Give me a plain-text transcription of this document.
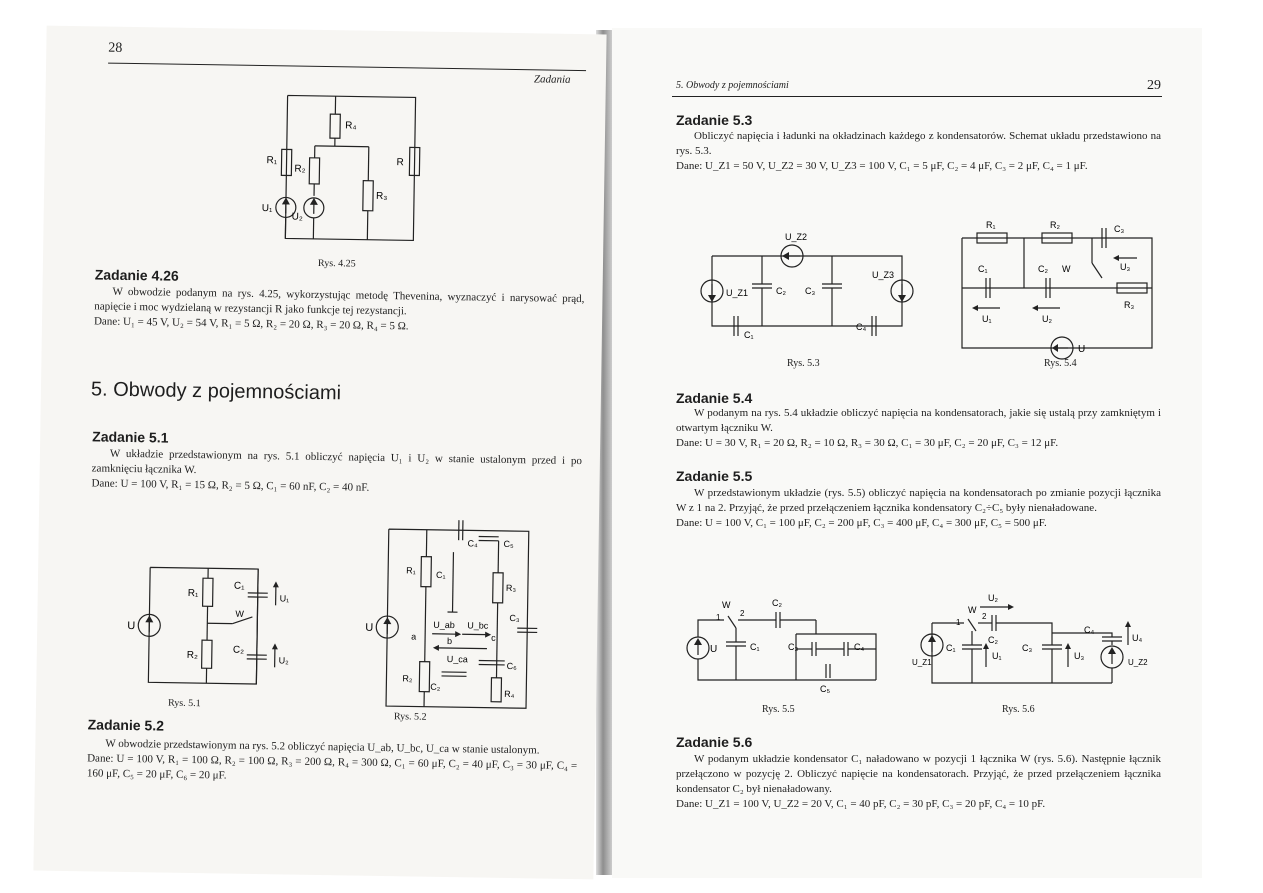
28
Zadania
R₄
R₁
R₂
R
R₃
U₁
U₂
Rys. 4.25
Zadanie 4.26

W obwodzie podanym na rys. 4.25, wykorzystując metodę Thevenina, wyznaczyć i narysować prąd, napięcie i moc wydzielaną w rezystancji R jako funkcje tej rezystancji.

Dane: U₁ = 45 V, U₂ = 54 V, R₁ = 5 Ω, R₂ = 20 Ω, R₃ = 20 Ω, R₄ = 5 Ω.

5. Obwody z pojemnościami
Zadanie 5.1

W układzie przedstawionym na rys. 5.1 obliczyć napięcia U₁ i U₂ w stanie ustalonym przed i po zamknięciu łącznika W.

Dane: U = 100 V, R₁ = 15 Ω, R₂ = 5 Ω, C₁ = 60 nF, C₂ = 40 nF.

R₁
C₁
U₁
U
W
R₂	C₂
U₂
Rys. 5.1
C₄	C₅
R₁ C₁
R₃
U
a
U_ab U_bc
b	c
C₃
U_ca
C₆
R₂
C₂
R₄
Rys. 5.2
Zadanie 5.2

W obwodzie przedstawionym na rys. 5.2 obliczyć napięcia U_ab, U_bc, U_ca w stanie ustalonym.

Dane: U = 100 V, R₁ = 100 Ω, R₂ = 100 Ω, R₃ = 200 Ω, R₄ = 300 Ω, C₁ = 60 μF, C₂ = 40 μF, C₃ = 30 μF, C₄ = 160 μF, C₅ = 20 μF, C₆ = 20 μF.

5. Obwody z pojemnościami	29
Zadanie 5.3

Obliczyć napięcia i ładunki na okładzinach każdego z kondensatorów. Schemat układu przedstawiono na rys. 5.3.

Dane: U_Z1 = 50 V, U_Z2 = 30 V, U_Z3 = 100 V, C₁ = 5 μF, C₂ = 4 μF, C₃ = 2 μF, C₄ = 1 μF.

U_Z2
U_Z1	C₂ C₃
U_Z3
C₁
C₄
Rys. 5.3
R₁	R₂	C₃
C₁	C₂ W	U₃
R₃
U₁	U₂
U
Rys. 5.4
Zadanie 5.4

W podanym na rys. 5.4 układzie obliczyć napięcia na kondensatorach, jakie się ustalą przy zamkniętym i otwartym łączniku W.

Dane: U = 30 V, R₁ = 20 Ω, R₂ = 10 Ω, R₃ = 30 Ω, C₁ = 30 μF, C₂ = 20 μF, C₃ = 12 μF.

Zadanie 5.5

W przedstawionym układzie (rys. 5.5) obliczyć napięcia na kondensatorach po zmianie pozycji łącznika W z 1 na 2. Przyjąć, że przed przełączeniem łącznika kondensatory C₂÷C₅ były nienaładowane.

Dane: U = 100 V, C₁ = 100 μF, C₂ = 200 μF, C₃ = 400 μF, C₄ = 300 μF, C₅ = 500 μF.

W
1 2
C₂
U	C₁	C₃	C₄
C₅
Rys. 5.5
U₂
W
1
2
C₂
U_Z1
C₁
U₁
C₃
U₃
C₄
U₄
U_Z2
Rys. 5.6
Zadanie 5.6

W podanym układzie kondensator C₁ naładowano w pozycji 1 łącznika W (rys. 5.6). Następnie łącznik przełączono w pozycję 2. Obliczyć napięcie na kondensatorach. Przyjąć, że przed przełączeniem łącznika kondensator C₂ był nienaładowany.

Dane: U_Z1 = 100 V, U_Z2 = 20 V, C₁ = 40 pF, C₂ = 30 pF, C₃ = 20 pF, C₄ = 10 pF.
